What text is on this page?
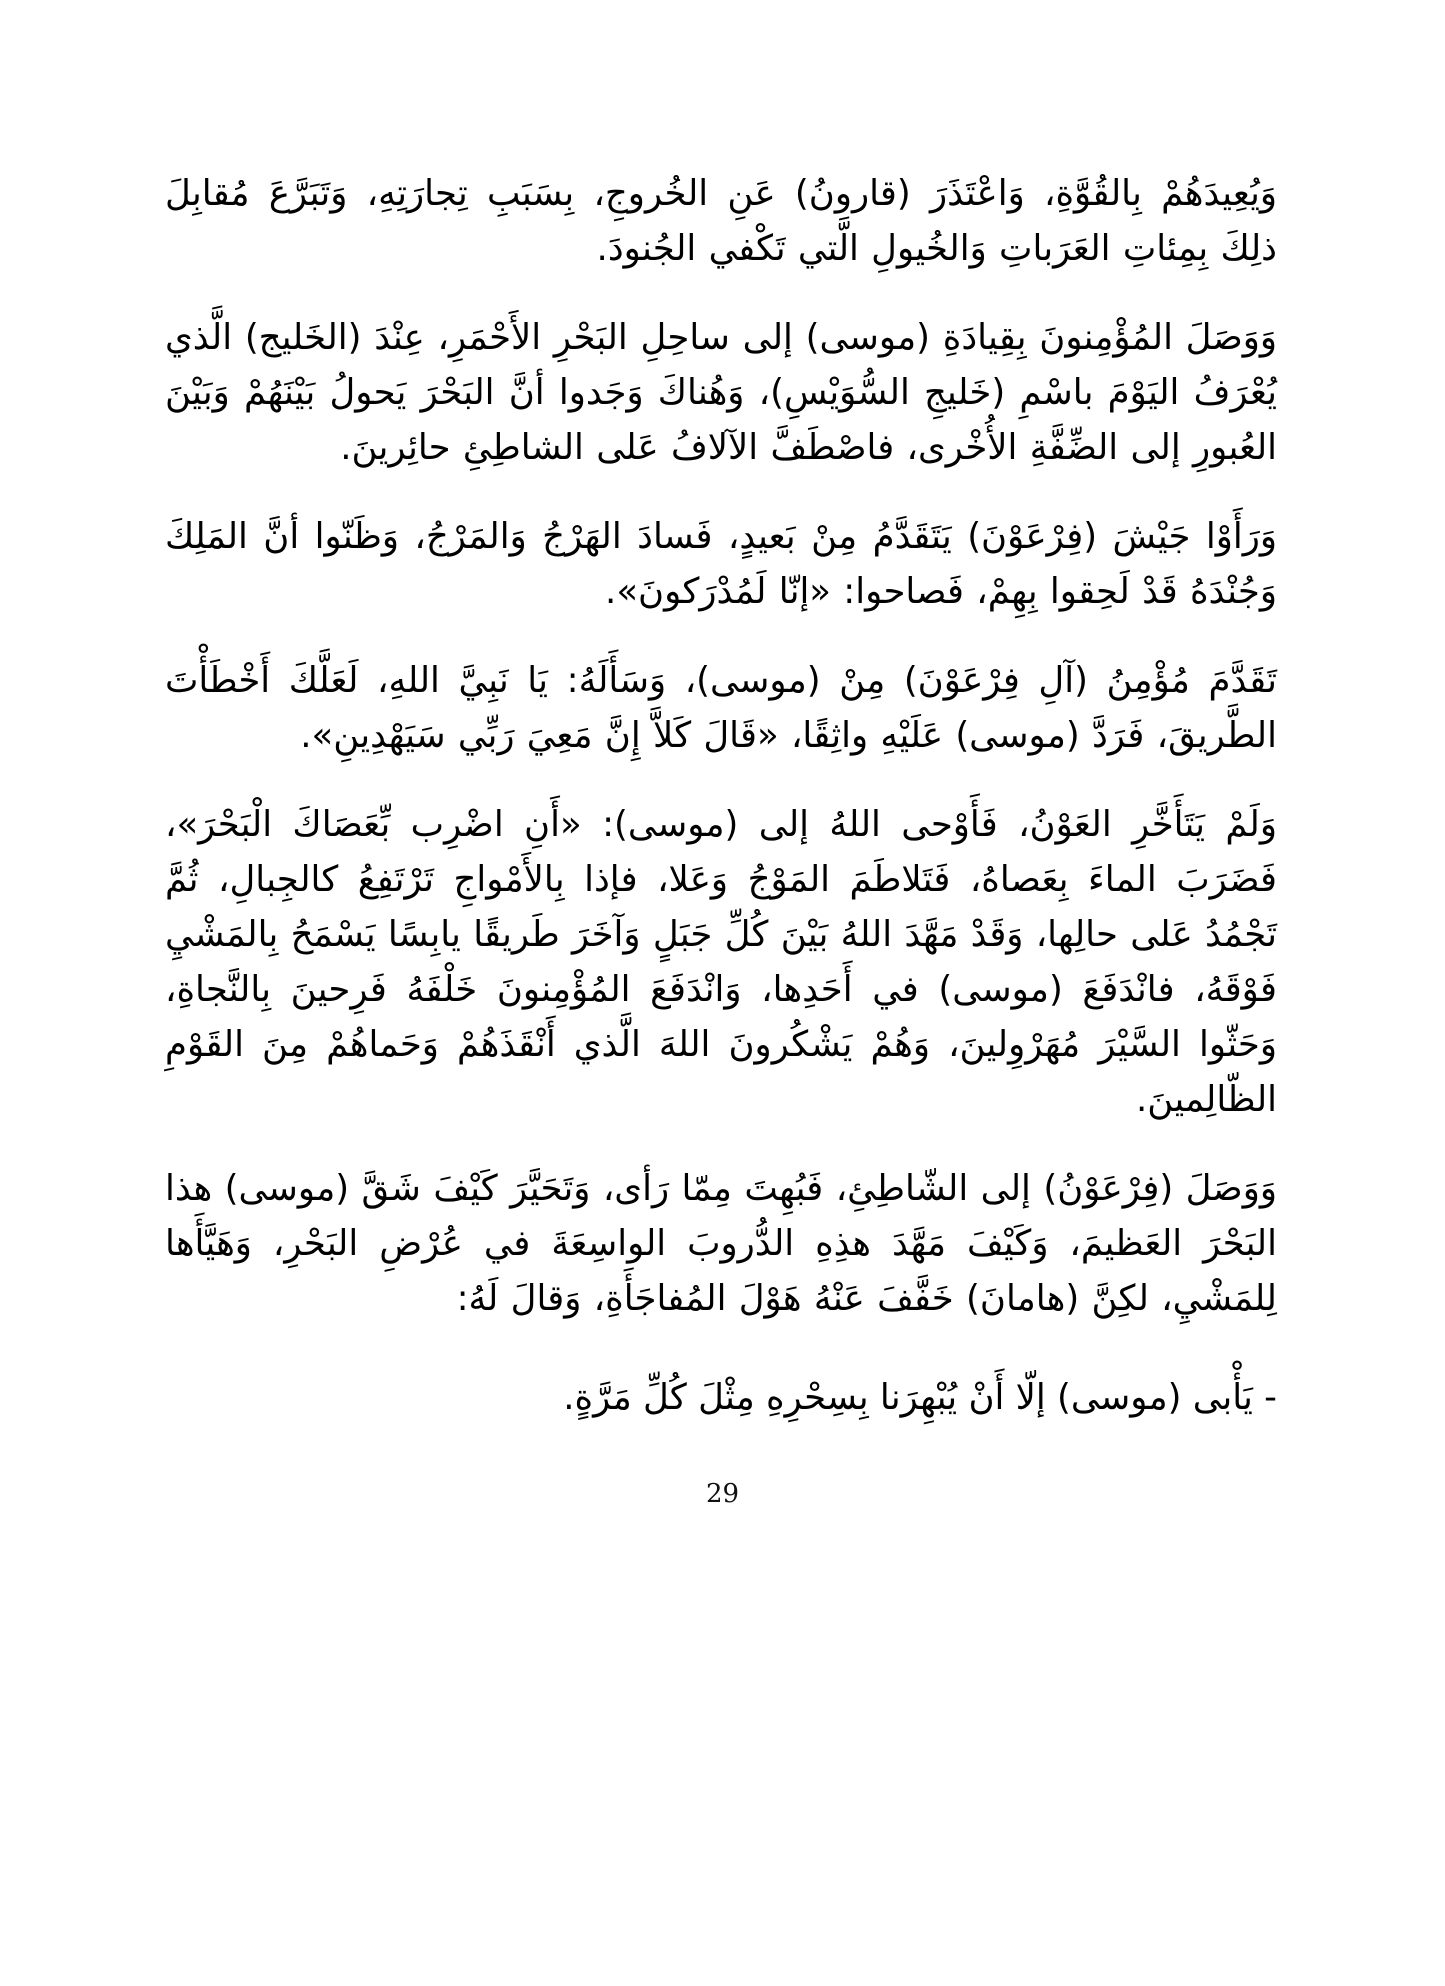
وَيُعِيدَهُمْ بِالقُوَّةِ، وَاعْتَذَرَ (قارونُ) عَنِ الخُروجِ، بِسَبَبِ تِجارَتِهِ، وَتَبَرَّعَ مُقابِلَ ذلِكَ بِمِئاتِ العَرَباتِ وَالخُيولِ الَّتي تَكْفي الجُنودَ.

وَوَصَلَ المُؤْمِنونَ بِقِيادَةِ (موسى) إلى ساحِلِ البَحْرِ الأَحْمَرِ، عِنْدَ (الخَليج) الَّذي يُعْرَفُ اليَوْمَ باسْمِ (خَليجِ السُّوَيْسِ)، وَهُناكَ وَجَدوا أنَّ البَحْرَ يَحولُ بَيْنَهُمْ وَبَيْنَ العُبورِ إلى الضِّفَّةِ الأُخْرى، فاصْطَفَّ الآلافُ عَلى الشاطِئِ حائِرينَ.

وَرَأَوْا جَيْشَ (فِرْعَوْنَ) يَتَقَدَّمُ مِنْ بَعيدٍ، فَسادَ الهَرْجُ وَالمَرْجُ، وَظَنّوا أنَّ المَلِكَ وَجُنْدَهُ قَدْ لَحِقوا بِهِمْ، فَصاحوا: «إنّا لَمُدْرَكونَ».

تَقَدَّمَ مُؤْمِنُ (آلِ فِرْعَوْنَ) مِنْ (موسى)، وَسَأَلَهُ: يَا نَبِيَّ اللهِ، لَعَلَّكَ أَخْطَأْتَ الطَّريقَ، فَرَدَّ (موسى) عَلَيْهِ واثِقًا، «قَالَ كَلاَّ إِنَّ مَعِيَ رَبِّي سَيَهْدِينِ».

وَلَمْ يَتَأَخَّرِ العَوْنُ، فَأَوْحى اللهُ إلى (موسى): «أَنِ اضْرِب بِّعَصَاكَ الْبَحْرَ»، فَضَرَبَ الماءَ بِعَصاهُ، فَتَلاطَمَ المَوْجُ وَعَلا، فإذا بِالأَمْواجِ تَرْتَفِعُ كالجِبالِ، ثُمَّ تَجْمُدُ عَلى حالِها، وَقَدْ مَهَّدَ اللهُ بَيْنَ كُلِّ جَبَلٍ وَآخَرَ طَريقًا يابِسًا يَسْمَحُ بِالمَشْيِ فَوْقَهُ، فانْدَفَعَ (موسى) في أَحَدِها، وَانْدَفَعَ المُؤْمِنونَ خَلْفَهُ فَرِحينَ بِالنَّجاةِ، وَحَثّوا السَّيْرَ مُهَرْوِلينَ، وَهُمْ يَشْكُرونَ اللهَ الَّذي أَنْقَذَهُمْ وَحَماهُمْ مِنَ القَوْمِ الظّالِمينَ.

وَوَصَلَ (فِرْعَوْنُ) إلى الشّاطِئِ، فَبُهِتَ مِمّا رَأى، وَتَحَيَّرَ كَيْفَ شَقَّ (موسى) هذا البَحْرَ العَظيمَ، وَكَيْفَ مَهَّدَ هذِهِ الدُّروبَ الواسِعَةَ في عُرْضِ البَحْرِ، وَهَيَّأَها لِلمَشْيِ، لكِنَّ (هامانَ) خَفَّفَ عَنْهُ هَوْلَ المُفاجَأَةِ، وَقالَ لَهُ:

- يَأْبى (موسى) إلّا أَنْ يُبْهِرَنا بِسِحْرِهِ مِثْلَ كُلِّ مَرَّةٍ.

29
